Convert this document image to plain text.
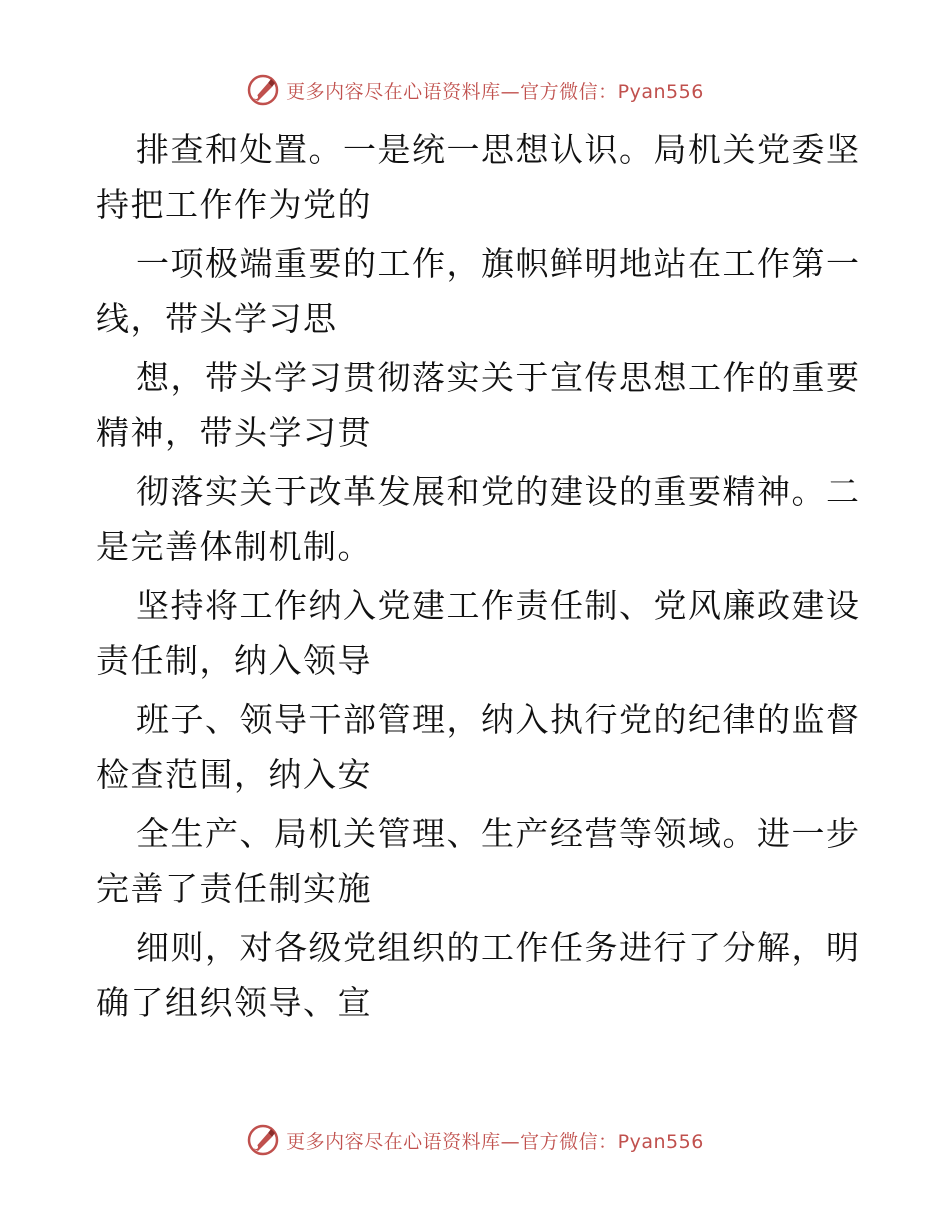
更多内容尽在心语资料库—官方微信：Pyan556

排查和处置。一是统一思想认识。局机关党委坚

持把工作作为党的

一项极端重要的工作，旗帜鲜明地站在工作第一

线，带头学习思

想，带头学习贯彻落实关于宣传思想工作的重要

精神，带头学习贯

彻落实关于改革发展和党的建设的重要精神。二

是完善体制机制。

坚持将工作纳入党建工作责任制、党风廉政建设

责任制，纳入领导

班子、领导干部管理，纳入执行党的纪律的监督

检查范围，纳入安

全生产、局机关管理、生产经营等领域。进一步

完善了责任制实施

细则，对各级党组织的工作任务进行了分解，明

确了组织领导、宣

更多内容尽在心语资料库—官方微信：Pyan556
